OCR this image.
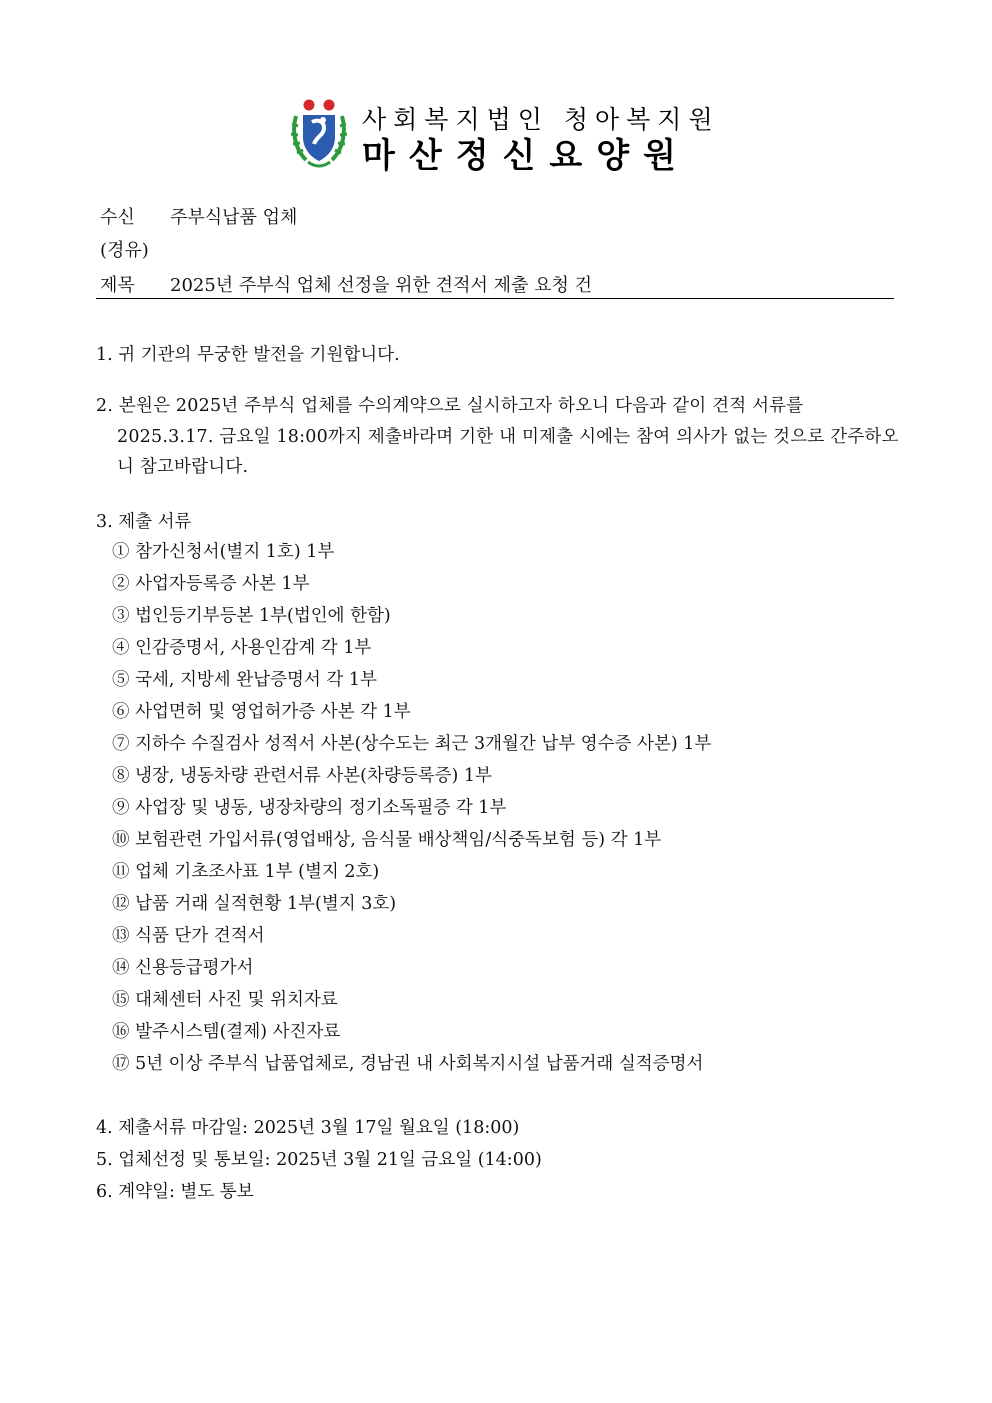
사회복지법인 청아복지원
마산정신요양원
수신 주부식납품 업체
(경유)
제목 2025년 주부식 업체 선정을 위한 견적서 제출 요청 건
1. 귀 기관의 무궁한 발전을 기원합니다.
2. 본원은 2025년 주부식 업체를 수의계약으로 실시하고자 하오니 다음과 같이 견적 서류를
2025.3.17. 금요일 18:00까지 제출바라며 기한 내 미제출 시에는 참여 의사가 없는 것으로 간주하오
니 참고바랍니다.
3. 제출 서류
① 참가신청서(별지 1호) 1부
② 사업자등록증 사본 1부
③ 법인등기부등본 1부(법인에 한함)
④ 인감증명서, 사용인감계 각 1부
⑤ 국세, 지방세 완납증명서 각 1부
⑥ 사업면허 및 영업허가증 사본 각 1부
⑦ 지하수 수질검사 성적서 사본(상수도는 최근 3개월간 납부 영수증 사본) 1부
⑧ 냉장, 냉동차량 관련서류 사본(차량등록증) 1부
⑨ 사업장 및 냉동, 냉장차량의 정기소독필증 각 1부
⑩ 보험관련 가입서류(영업배상, 음식물 배상책임/식중독보험 등) 각 1부
⑪ 업체 기초조사표 1부 (별지 2호)
⑫ 납품 거래 실적현황 1부(별지 3호)
⑬ 식품 단가 견적서
⑭ 신용등급평가서
⑮ 대체센터 사진 및 위치자료
⑯ 발주시스템(결제) 사진자료
⑰ 5년 이상 주부식 납품업체로, 경남권 내 사회복지시설 납품거래 실적증명서
4. 제출서류 마감일: 2025년 3월 17일 월요일 (18:00)
5. 업체선정 및 통보일: 2025년 3월 21일 금요일 (14:00)
6. 계약일: 별도 통보
